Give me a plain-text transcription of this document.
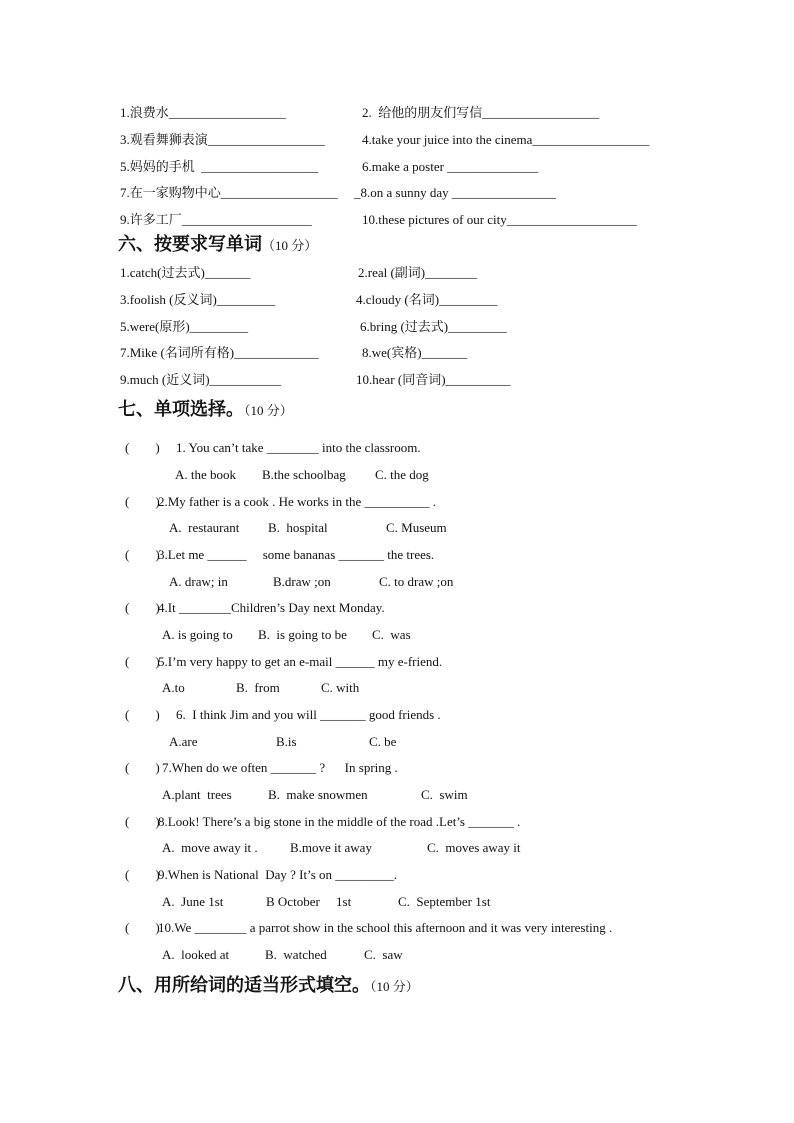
1.浪费水__________________	2.  给他的朋友们写信__________________
3.观看舞狮表演__________________	4.take your juice into the cinema__________________
5.妈妈的手机  __________________	6.make a poster ______________
7.在一家购物中心__________________ _8.on a sunny day ________________
9.许多工厂____________________	10.these pictures of our city____________________
六、按要求写单词（10 分）
1.catch(过去式)_______	2.real (副词)________
3.foolish (反义词)_________	4.cloudy (名词)_________
5.were(原形)_________	6.bring (过去式)_________
7.Mike (名词所有格)_____________	8.we(宾格)_______
9.much (近义词)___________	10.hear (同音词)__________
七、单项选择。（10 分）
(        ) 1. You can’t take ________ into the classroom.
A. the book B.the schoolbag C. the dog
(        )
2.My father is a cook . He works in the __________ .
A.  restaurant B.  hospital	C. Museum
(        )
3.Let me ______     some bananas _______ the trees.
A. draw; in	B.draw ;on	C. to draw ;on
(        )
4.It ________Children’s Day next Monday.
A. is going to B.  is going to be C.  was
(        )
5.I’m very happy to get an e-mail ______ my e-friend.
A.to	B.  from	C. with
(        ) 6.  I think Jim and you will _______ good friends .
A.are	B.is	C. be
(        ) 7.When do we often _______ ?      In spring .
A.plant  trees	B.  make snowmen	C.  swim
(        )
8.Look! There’s a big stone in the middle of the road .Let’s _______ .
A.  move away it . B.move it away	C.  moves away it
(        )
9.When is National  Day ? It’s on _________.
A.  June 1st	B October     1st	C.  September 1st
(        )
10.We ________ a parrot show in the school this afternoon and it was very interesting .
A.  looked at	B.  watched	C.  saw
八、用所给词的适当形式填空。（10 分）
